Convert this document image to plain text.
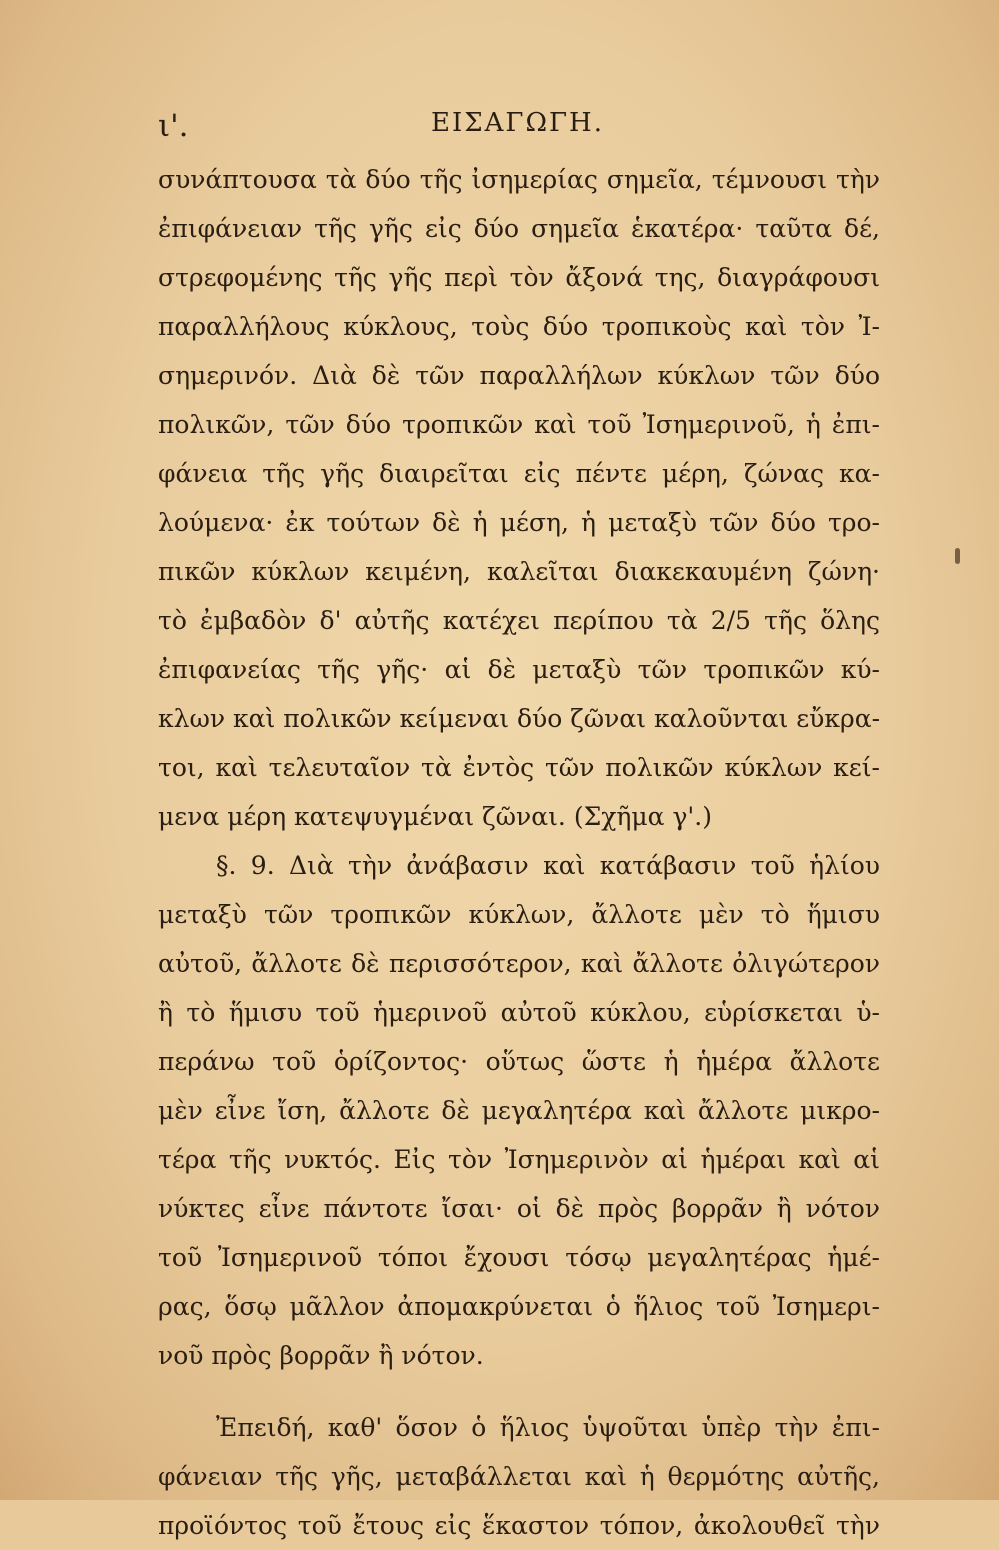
ι'.	ΕΙΣΑΓΩΓΗ.
συνάπτουσα τὰ δύο τῆς ἰσημερίας σημεῖα, τέμνουσι τὴν
ἐπιφάνειαν τῆς γῆς εἰς δύο σημεῖα ἑκατέρα· ταῦτα δέ,
στρεφομένης τῆς γῆς περὶ τὸν ἄξονά της, διαγράφουσι
παραλλήλους κύκλους, τοὺς δύο τροπικοὺς καὶ τὸν Ἰ-
σημερινόν. Διὰ δὲ τῶν παραλλήλων κύκλων τῶν δύο
πολικῶν, τῶν δύο τροπικῶν καὶ τοῦ Ἰσημερινοῦ, ἡ ἐπι-
φάνεια τῆς γῆς διαιρεῖται εἰς πέντε μέρη, ζώνας κα-
λούμενα· ἐκ τούτων δὲ ἡ μέση, ἡ μεταξὺ τῶν δύο τρο-
πικῶν κύκλων κειμένη, καλεῖται διακεκαυμένη ζώνη·
τὸ ἐμβαδὸν δ' αὐτῆς κατέχει περίπου τὰ 2/5 τῆς ὅλης
ἐπιφανείας τῆς γῆς· αἱ δὲ μεταξὺ τῶν τροπικῶν κύ-
κλων καὶ πολικῶν κείμεναι δύο ζῶναι καλοῦνται εὔκρα-
τοι, καὶ τελευταῖον τὰ ἐντὸς τῶν πολικῶν κύκλων κεί-
μενα μέρη κατεψυγμέναι ζῶναι. (Σχῆμα γ'.)
§. 9. Διὰ τὴν ἀνάβασιν καὶ κατάβασιν τοῦ ἡλίου
μεταξὺ τῶν τροπικῶν κύκλων, ἄλλοτε μὲν τὸ ἥμισυ
αὐτοῦ, ἄλλοτε δὲ περισσότερον, καὶ ἄλλοτε ὀλιγώτερον
ἢ τὸ ἥμισυ τοῦ ἡμερινοῦ αὐτοῦ κύκλου, εὑρίσκεται ὑ-
περάνω τοῦ ὁρίζοντος· οὕτως ὥστε ἡ ἡμέρα ἄλλοτε
μὲν εἶνε ἴση, ἄλλοτε δὲ μεγαλητέρα καὶ ἄλλοτε μικρο-
τέρα τῆς νυκτός. Εἰς τὸν Ἰσημερινὸν αἱ ἡμέραι καὶ αἱ
νύκτες εἶνε πάντοτε ἴσαι· οἱ δὲ πρὸς βορρᾶν ἢ νότον
τοῦ Ἰσημερινοῦ τόποι ἔχουσι τόσῳ μεγαλητέρας ἡμέ-
ρας, ὅσῳ μᾶλλον ἀπομακρύνεται ὁ ἥλιος τοῦ Ἰσημερι-
νοῦ πρὸς βορρᾶν ἢ νότον.
Ἐπειδή, καθ' ὅσον ὁ ἥλιος ὑψοῦται ὑπὲρ τὴν ἐπι-
φάνειαν τῆς γῆς, μεταβάλλεται καὶ ἡ θερμότης αὐτῆς,
προϊόντος τοῦ ἔτους εἰς ἕκαστον τόπον, ἀκολουθεῖ τὴν
